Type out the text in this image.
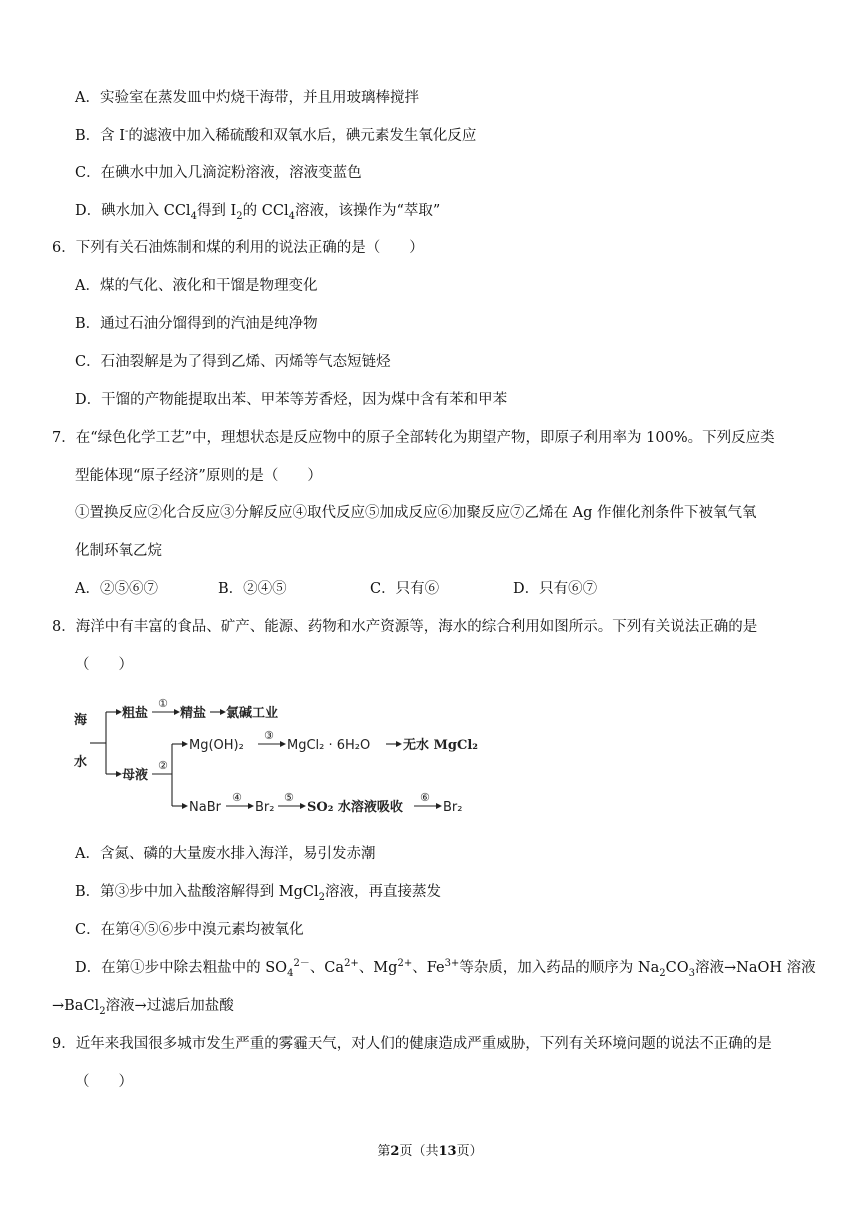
A．实验室在蒸发皿中灼烧干海带，并且用玻璃棒搅拌
B．含 I-的滤液中加入稀硫酸和双氧水后，碘元素发生氧化反应
C．在碘水中加入几滴淀粉溶液，溶液变蓝色
D．碘水加入 CCl$_4$得到 $I_2$的 CCl$_4$溶液，该操作为“萃取”
6．下列有关石油炼制和煤的利用的说法正确的是（　　）
A．煤的气化、液化和干馏是物理变化
B．通过石油分馏得到的汽油是纯净物
C．石油裂解是为了得到乙烯、丙烯等气态短链烃
D．干馏的产物能提取出苯、甲苯等芳香烃，因为煤中含有苯和甲苯
7．在“绿色化学工艺”中，理想状态是反应物中的原子全部转化为期望产物，即原子利用率为 100%。下列反应类
型能体现“原子经济”原则的是（　　）
①置换反应②化合反应③分解反应④取代反应⑤加成反应⑥加聚反应⑦乙烯在 Ag 作催化剂条件下被氧气氧
化制环氧乙烷
A．②⑤⑥⑦	B．②④⑤	C．只有⑥	D．只有⑥⑦
8．海洋中有丰富的食品、矿产、能源、药物和水产资源等，海水的综合利用如图所示。下列有关说法正确的是
（　　）
海
水
粗盐
①
精盐 氯碱工业
母液
②
Mg(OH)₂
③
MgCl₂ · 6H₂O	无水 MgCl₂
NaBr
④
Br₂
⑤
SO₂ 水溶液吸收
⑥
Br₂
A．含氮、磷的大量废水排入海洋，易引发赤潮
B．第③步中加入盐酸溶解得到 MgCl$_2$溶液，再直接蒸发
C．在第④⑤⑥步中溴元素均被氧化
D．在第①步中除去粗盐中的 $SO_4^{2-}$、$Ca^{2+}$、$Mg^{2+}$、$Fe^{3+}$等杂质，加入药品的顺序为 $Na_2CO_3$溶液→NaOH 溶液
→BaCl$_2$溶液→过滤后加盐酸
9．近年来我国很多城市发生严重的雾霾天气，对人们的健康造成严重威胁，下列有关环境问题的说法不正确的是
（　　）
第2页（共13页）
